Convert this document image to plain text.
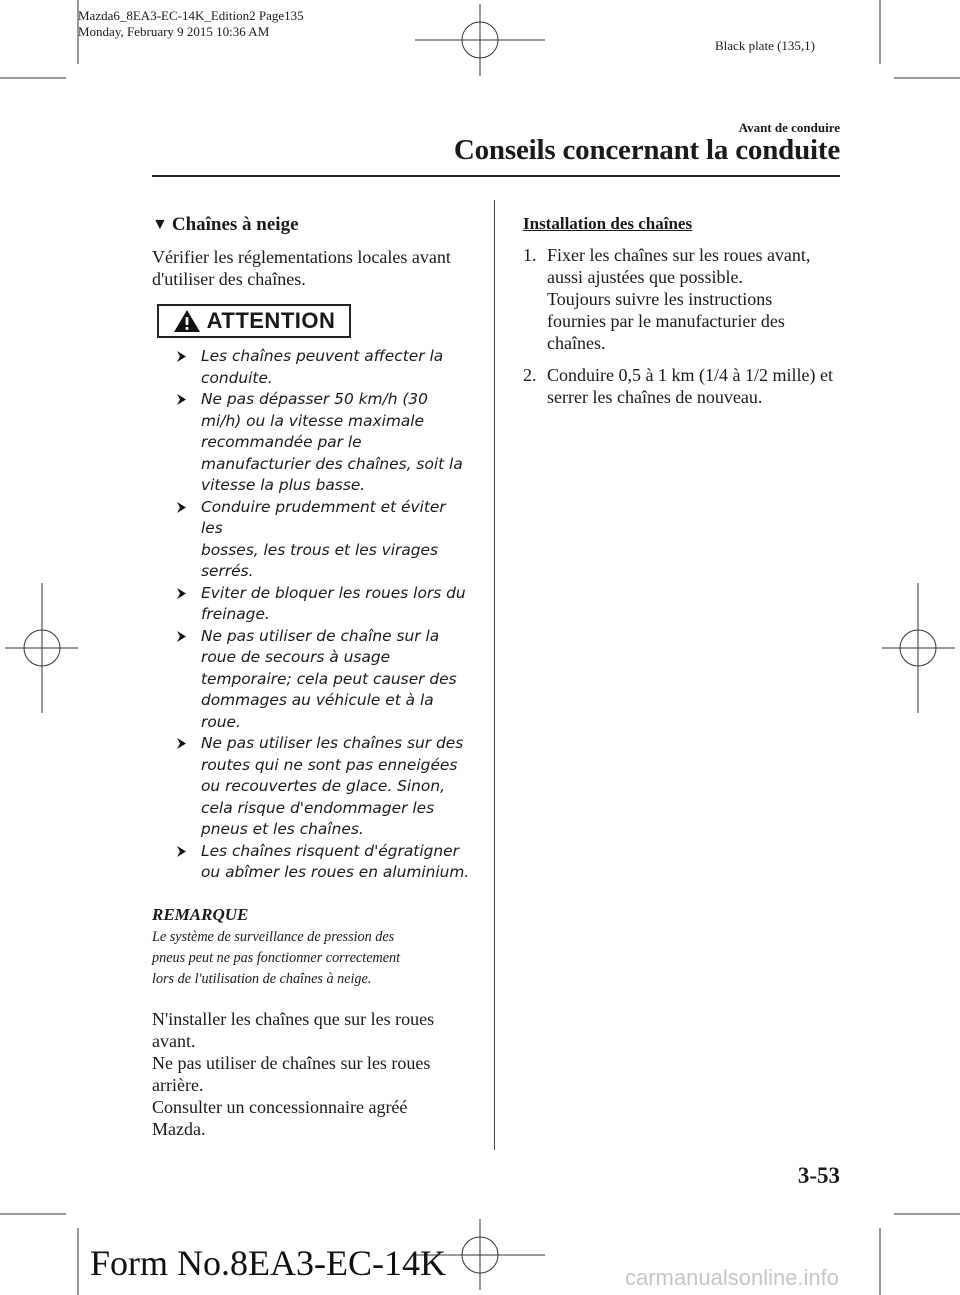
Mazda6_8EA3-EC-14K_Edition2 Page135
Monday, February 9 2015 10:36 AM
Black plate (135,1)
Avant de conduire
Conseils concernant la conduite
▼ Chaînes à neige

Vérifier les réglementations locales avant
d'utiliser des chaînes.

ATTENTION
Les chaînes peuvent affecter la
conduite.
Ne pas dépasser 50 km/h (30
mi/h) ou la vitesse maximale
recommandée par le
manufacturier des chaînes, soit la
vitesse la plus basse.
Conduire prudemment et éviter les
bosses, les trous et les virages
serrés.
Eviter de bloquer les roues lors du
freinage.
Ne pas utiliser de chaîne sur la
roue de secours à usage
temporaire; cela peut causer des
dommages au véhicule et à la
roue.
Ne pas utiliser les chaînes sur des
routes qui ne sont pas enneigées
ou recouvertes de glace. Sinon,
cela risque d'endommager les
pneus et les chaînes.
Les chaînes risquent d'égratigner
ou abîmer les roues en aluminium.
REMARQUE
Le système de surveillance de pression des
pneus peut ne pas fonctionner correctement
lors de l'utilisation de chaînes à neige.

N'installer les chaînes que sur les roues
avant.
Ne pas utiliser de chaînes sur les roues
arrière.
Consulter un concessionnaire agréé
Mazda.

Installation des chaînes
1. Fixer les chaînes sur les roues avant,
aussi ajustées que possible.
Toujours suivre les instructions
fournies par le manufacturier des
chaînes.
2. Conduire 0,5 à 1 km (1/4 à 1/2 mille) et
serrer les chaînes de nouveau.
3-53
Form No.8EA3-EC-14K	carmanualsonline.info
